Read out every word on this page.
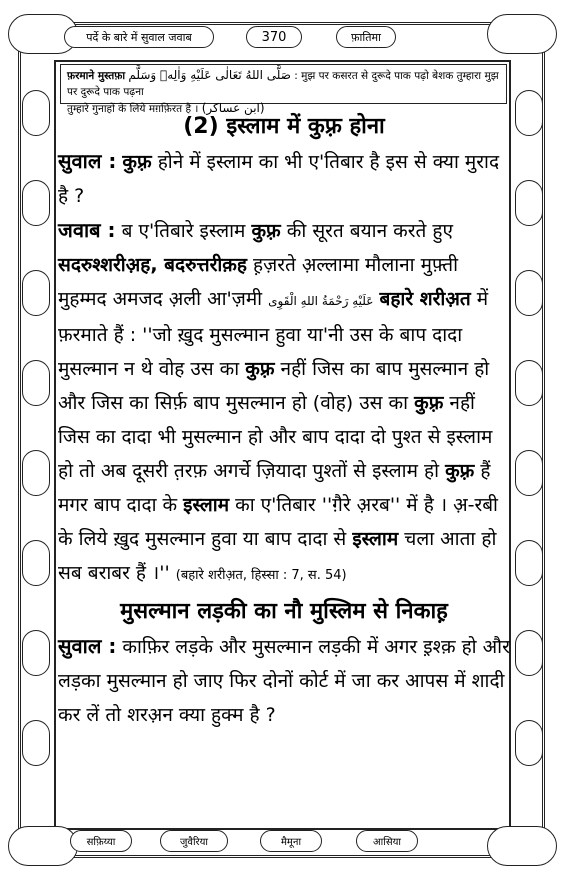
पर्दे के बारे में सुवाल जवाब	370	फ़ातिमा
फ़रमाने मुस्तफ़ा صَلَّى اللهُ تَعَالٰى عَلَيْهِ وَاٰلِهٖ وَسَلَّم : मुझ पर कसरत से दुरूदे पाक पढ़ो बेशक तुम्हारा मुझ पर दुरूदे पाक पढ़ना
तुम्हारे गुनाहों के लिये मग़फ़िरत है । (ابن عساکر)
(2) इस्लाम में कुफ़्र होना

सुवाल : कुफ़्र होने में इस्लाम का भी ए'तिबार है इस से क्या मुराद है ?

जवाब : ब ए'तिबारे इस्लाम कुफ़्र की सूरत बयान करते हुए सदरुश्शरीअ़ह, बदरुत्तरीक़ह ह़ज़रते अ़ल्लामा मौलाना मुफ़्ती मुहम्मद अमजद अ़ली आ'ज़मी عَلَيْهِ رَحْمَةُ اللهِ الْقَوِى बहारे शरीअ़त में फ़रमाते हैं : ''जो ख़ुद मुसल्मान हुवा या'नी उस के बाप दादा मुसल्मान न थे वोह उस का कुफ़्र नहीं जिस का बाप मुसल्मान हो और जिस का सिर्फ़ बाप मुसल्मान हो (वोह) उस का कुफ़्र नहीं जिस का दादा भी मुसल्मान हो और बाप दादा दो पुश्त से इस्लाम हो तो अब दूसरी त़रफ़ अगर्चे ज़ियादा पुश्तों से इस्लाम हो कुफ़्र हैं मगर बाप दादा के इस्लाम का ए'तिबार ''ग़ैरे अ़रब'' में है । अ़-रबी के लिये ख़ुद मुसल्मान हुवा या बाप दादा से इस्लाम चला आता हो सब बराबर हैं ।'' (बहारे शरीअ़त, हिस्सा : 7, स. 54)

मुसल्मान लड़की का नौ मुस्लिम से निकाह़

सुवाल : काफ़िर लड़के और मुसल्मान लड़की में अगर इ़श्क़ हो और लड़का मुसल्मान हो जाए फिर दोनों कोर्ट में जा कर आपस में शादी कर लें तो शरअ़न क्या हुक्म है ?

सफ़िय्या	जुवैरिया	मैमूना	आसिया
